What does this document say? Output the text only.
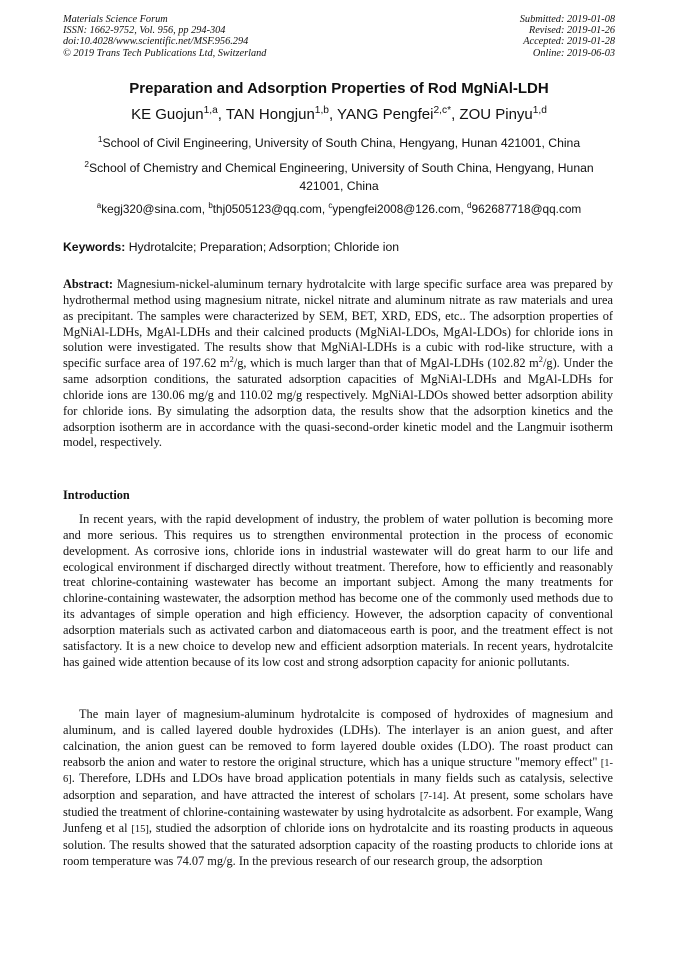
Materials Science Forum
ISSN: 1662-9752, Vol. 956, pp 294-304
doi:10.4028/www.scientific.net/MSF.956.294
© 2019 Trans Tech Publications Ltd, Switzerland
Submitted: 2019-01-08
Revised: 2019-01-26
Accepted: 2019-01-28
Online: 2019-06-03
Preparation and Adsorption Properties of Rod MgNiAl-LDH
KE Guojun$^{1,a}$, TAN Hongjun$^{1,b}$, YANG Pengfei$^{2,c*}$, ZOU Pinyu$^{1,d}$
$^1$School of Civil Engineering, University of South China, Hengyang, Hunan 421001, China
$^2$School of Chemistry and Chemical Engineering, University of South China, Hengyang, Hunan 421001, China
$^a$kegj320@sina.com, $^b$thj0505123@qq.com, $^c$ypengfei2008@126.com, $^d$962687718@qq.com
Keywords: Hydrotalcite; Preparation; Adsorption; Chloride ion

Abstract: Magnesium-nickel-aluminum ternary hydrotalcite with large specific surface area was prepared by hydrothermal method using magnesium nitrate, nickel nitrate and aluminum nitrate as raw materials and urea as precipitant. The samples were characterized by SEM, BET, XRD, EDS, etc.. The adsorption properties of MgNiAl-LDHs, MgAl-LDHs and their calcined products (MgNiAl-LDOs, MgAl-LDOs) for chloride ions in solution were investigated. The results show that MgNiAl-LDHs is a cubic with rod-like structure, with a specific surface area of 197.62 $m^2/g$, which is much larger than that of MgAl-LDHs (102.82 $m^2/g$). Under the same adsorption conditions, the saturated adsorption capacities of MgNiAl-LDHs and MgAl-LDHs for chloride ions are 130.06 mg/g and 110.02 mg/g respectively. MgNiAl-LDOs showed better adsorption ability for chloride ions. By simulating the adsorption data, the results show that the adsorption kinetics and the adsorption isotherm are in accordance with the quasi-second-order kinetic model and the Langmuir isotherm model, respectively.

Introduction

In recent years, with the rapid development of industry, the problem of water pollution is becoming more and more serious. This requires us to strengthen environmental protection in the process of economic development. As corrosive ions, chloride ions in industrial wastewater will do great harm to our life and ecological environment if discharged directly without treatment. Therefore, how to efficiently and reasonably treat chlorine-containing wastewater has become an important subject. Among the many treatments for chlorine-containing wastewater, the adsorption method has become one of the commonly used methods due to its advantages of simple operation and high efficiency. However, the adsorption capacity of conventional adsorption materials such as activated carbon and diatomaceous earth is poor, and the treatment effect is not satisfactory. It is a new choice to develop new and efficient adsorption materials. In recent years, hydrotalcite has gained wide attention because of its low cost and strong adsorption capacity for anionic pollutants.

The main layer of magnesium-aluminum hydrotalcite is composed of hydroxides of magnesium and aluminum, and is called layered double hydroxides (LDHs). The interlayer is an anion guest, and after calcination, the anion guest can be removed to form layered double oxides (LDO). The roast product can reabsorb the anion and water to restore the original structure, which has a unique structure "memory effect" [1-6]. Therefore, LDHs and LDOs have broad application potentials in many fields such as catalysis, selective adsorption and separation, and have attracted the interest of scholars [7-14]. At present, some scholars have studied the treatment of chlorine-containing wastewater by using hydrotalcite as adsorbent. For example, Wang Junfeng et al [15], studied the adsorption of chloride ions on hydrotalcite and its roasting products in aqueous solution. The results showed that the saturated adsorption capacity of the roasting products to chloride ions at room temperature was 74.07 mg/g. In the previous research of our research group, the adsorption
